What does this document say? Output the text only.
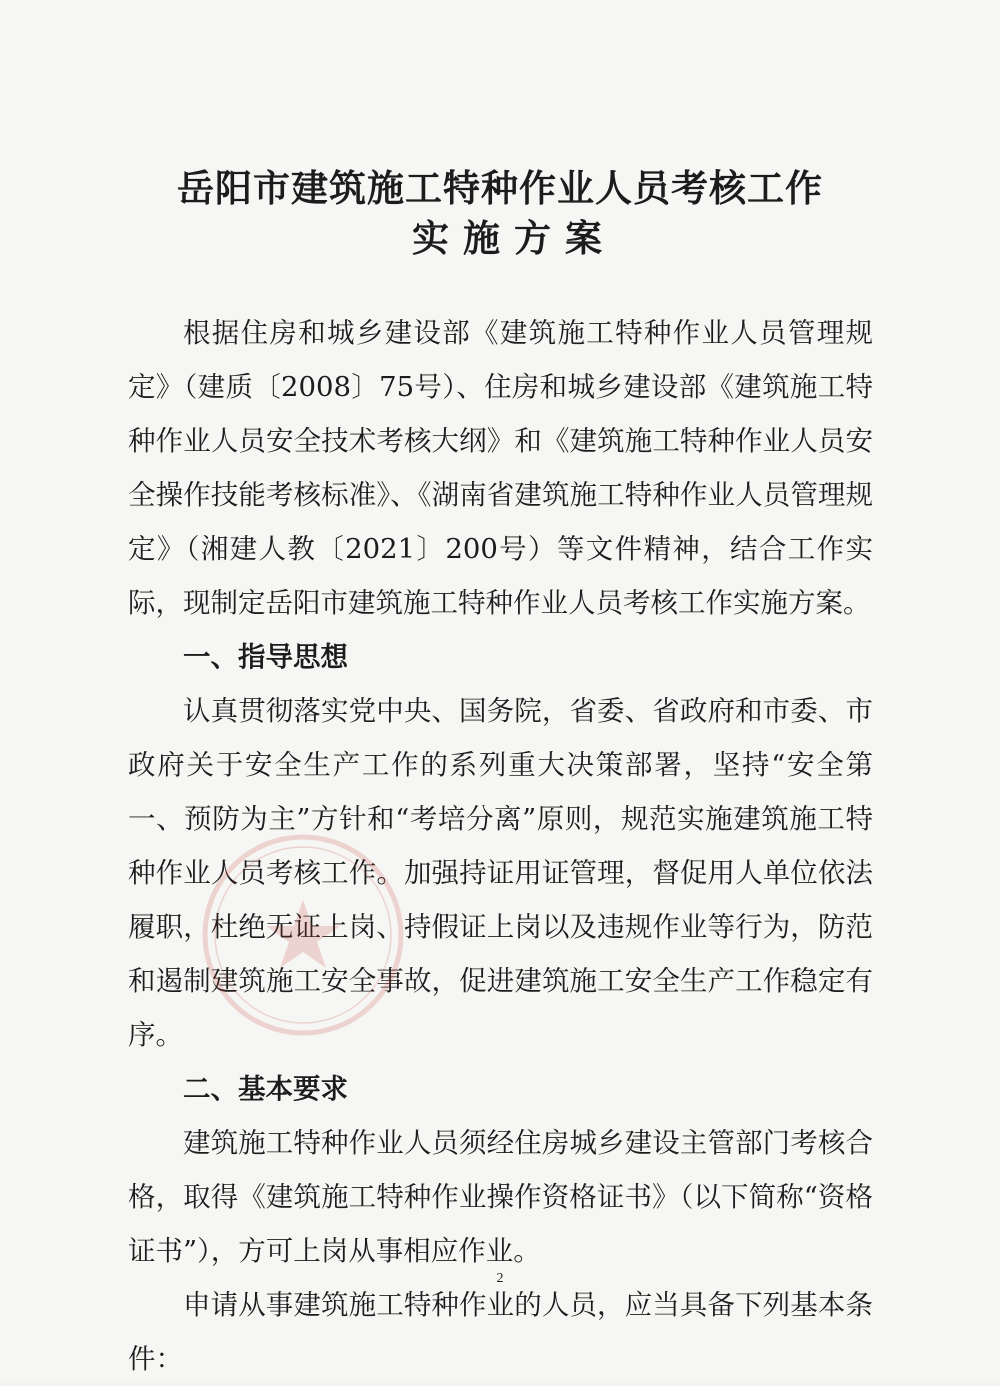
岳阳市建筑施工特种作业人员考核工作
实施方案

根据住房和城乡建设部《建筑施工特种作业人员管理规定》（建质〔2008〕75号）、住房和城乡建设部《建筑施工特种作业人员安全技术考核大纲》和《建筑施工特种作业人员安全操作技能考核标准》、《湖南省建筑施工特种作业人员管理规定》（湘建人教〔2021〕200号）等文件精神，结合工作实际，现制定岳阳市建筑施工特种作业人员考核工作实施方案。

一、指导思想

认真贯彻落实党中央、国务院，省委、省政府和市委、市政府关于安全生产工作的系列重大决策部署，坚持“安全第一、预防为主”方针和“考培分离”原则，规范实施建筑施工特种作业人员考核工作。加强持证用证管理，督促用人单位依法履职，杜绝无证上岗、持假证上岗以及违规作业等行为，防范和遏制建筑施工安全事故，促进建筑施工安全生产工作稳定有序。

二、基本要求

建筑施工特种作业人员须经住房城乡建设主管部门考核合格，取得《建筑施工特种作业操作资格证书》（以下简称“资格证书”），方可上岗从事相应作业。

申请从事建筑施工特种作业的人员，应当具备下列基本条件：

2
